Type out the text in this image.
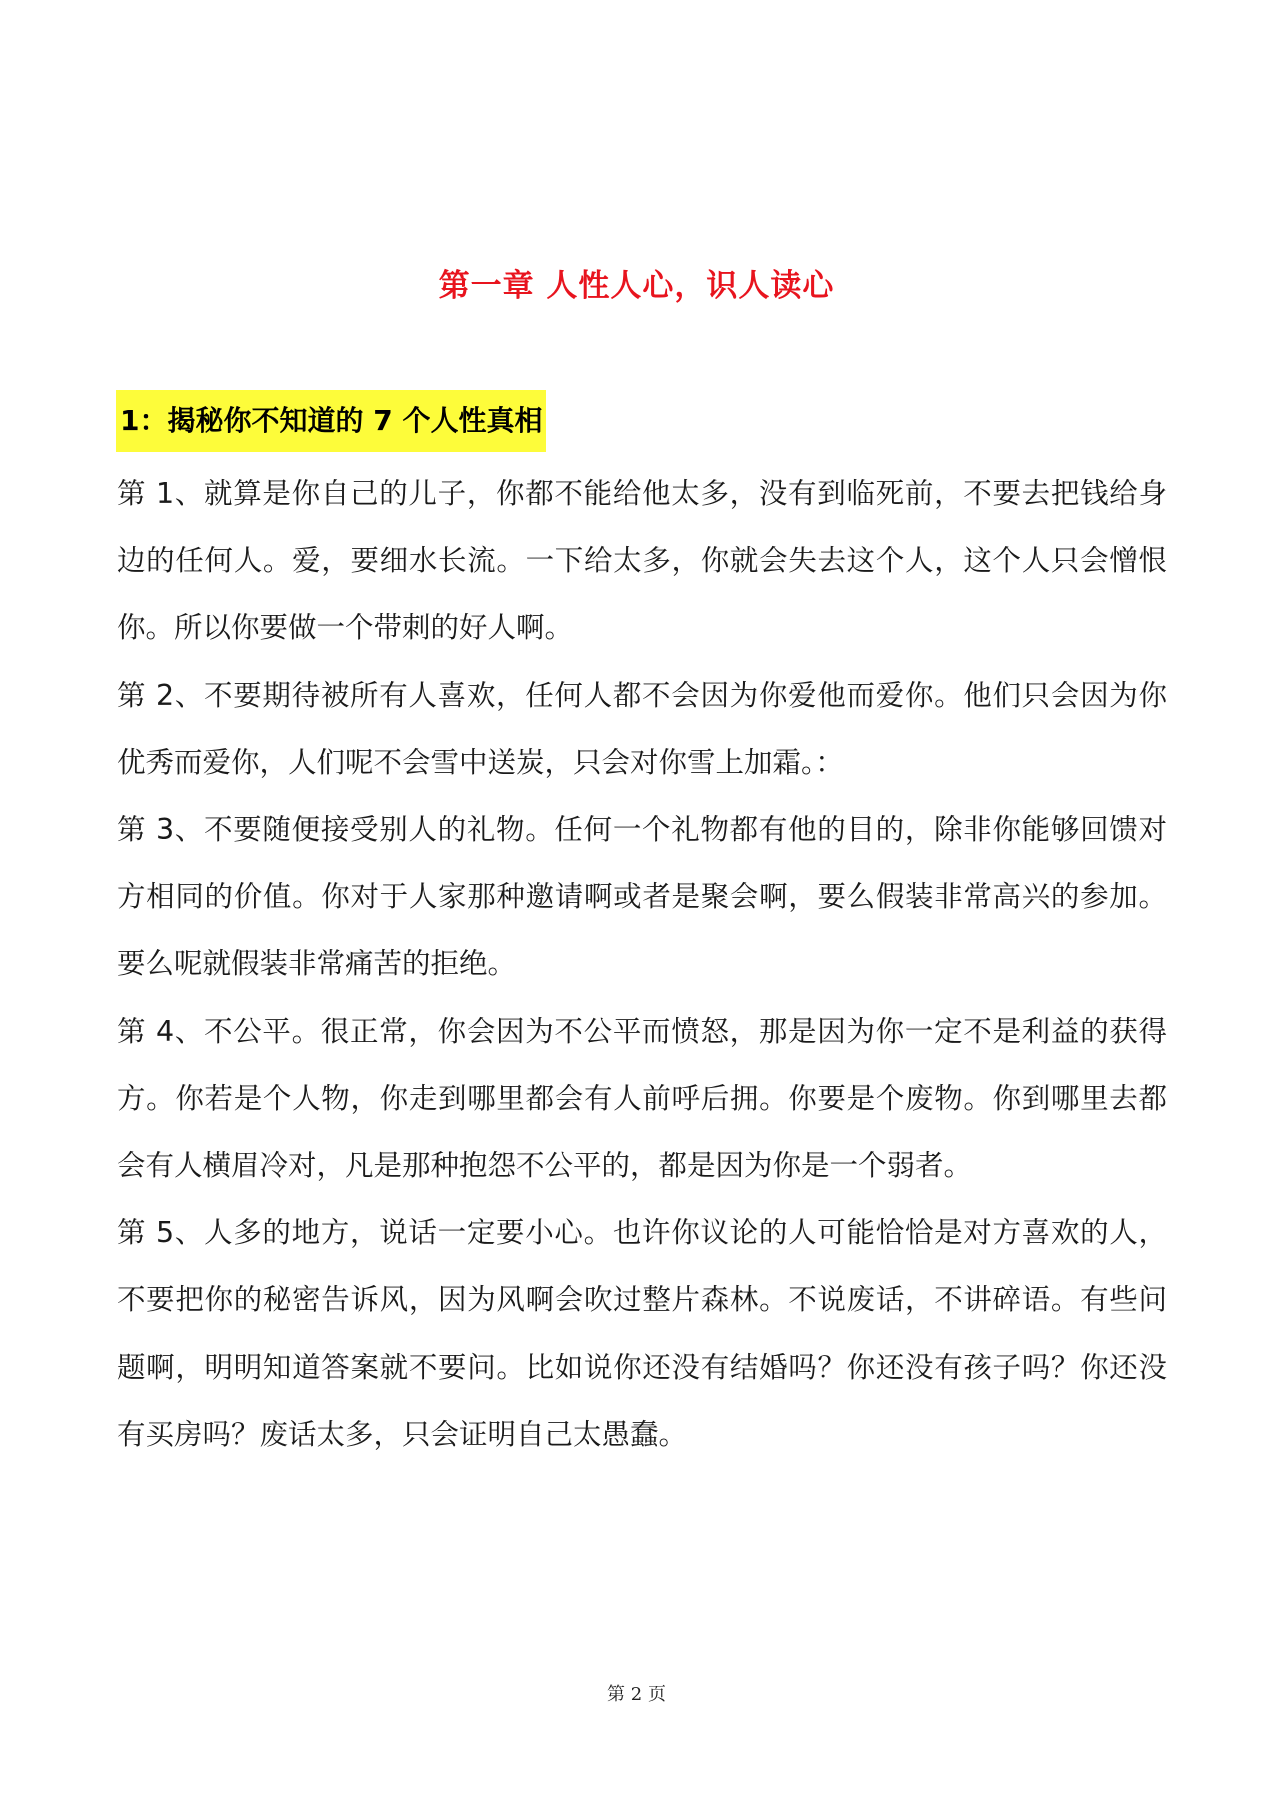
第一章 人性人心，识人读心
1：揭秘你不知道的 7 个人性真相

第 1、就算是你自己的儿子，你都不能给他太多，没有到临死前，不要去把钱给身边的任何人。爱，要细水长流。一下给太多，你就会失去这个人，这个人只会憎恨你。所以你要做一个带刺的好人啊。

第 2、不要期待被所有人喜欢，任何人都不会因为你爱他而爱你。他们只会因为你优秀而爱你，人们呢不会雪中送炭，只会对你雪上加霜。：

第 3、不要随便接受别人的礼物。任何一个礼物都有他的目的，除非你能够回馈对方相同的价值。你对于人家那种邀请啊或者是聚会啊，要么假装非常高兴的参加。要么呢就假装非常痛苦的拒绝。

第 4、不公平。很正常，你会因为不公平而愤怒，那是因为你一定不是利益的获得方。你若是个人物，你走到哪里都会有人前呼后拥。你要是个废物。你到哪里去都会有人横眉冷对，凡是那种抱怨不公平的，都是因为你是一个弱者。

第 5、人多的地方，说话一定要小心。也许你议论的人可能恰恰是对方喜欢的人，不要把你的秘密告诉风，因为风啊会吹过整片森林。不说废话，不讲碎语。有些问题啊，明明知道答案就不要问。比如说你还没有结婚吗？你还没有孩子吗？你还没有买房吗？废话太多，只会证明自己太愚蠢。

第 2 页
